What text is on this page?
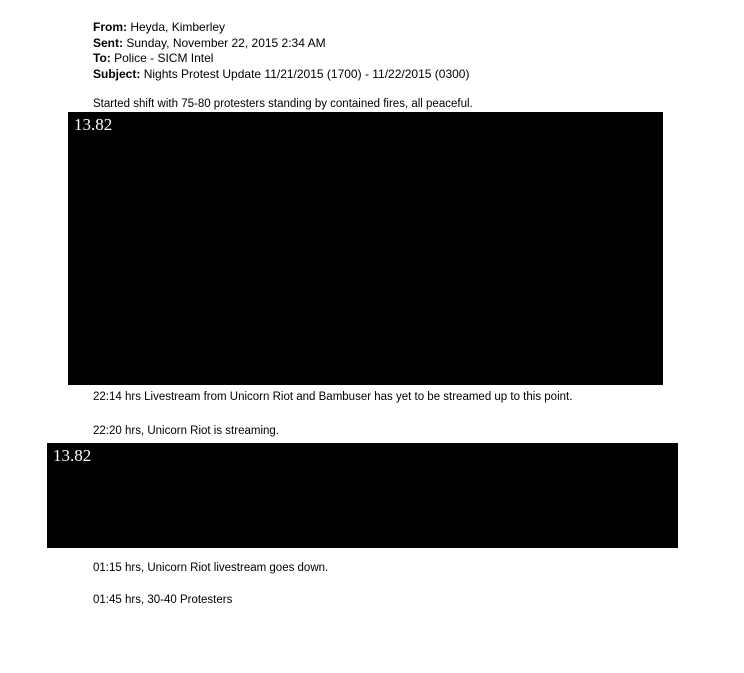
From: Heyda, Kimberley
Sent: Sunday, November 22, 2015 2:34 AM
To: Police - SICM Intel
Subject: Nights Protest Update 11/21/2015 (1700) - 11/22/2015 (0300)
Started shift with 75-80 protesters standing by contained fires, all peaceful.
13.82
22:14 hrs Livestream from Unicorn Riot and Bambuser has yet to be streamed up to this point.
22:20 hrs, Unicorn Riot is streaming.
13.82
01:15 hrs, Unicorn Riot livestream goes down.
01:45 hrs, 30-40 Protesters
